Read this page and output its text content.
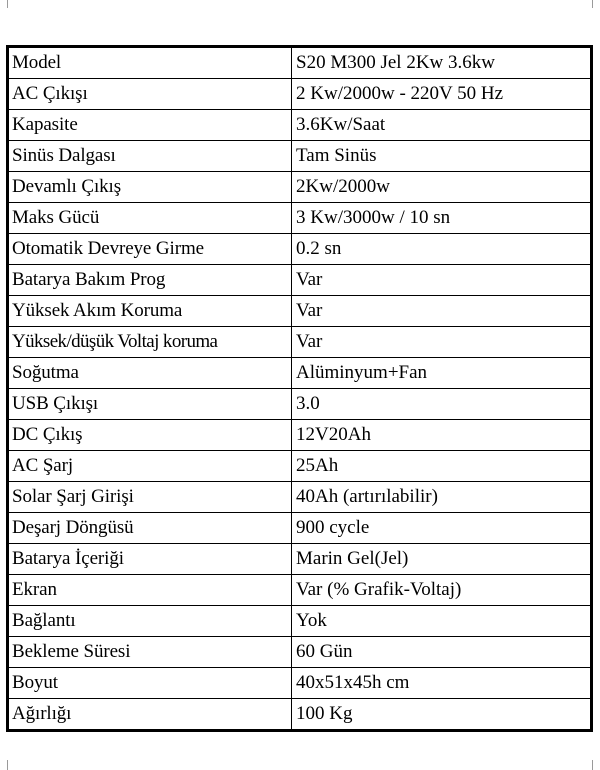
Model	S20 M300 Jel 2Kw 3.6kw
AC Çıkışı	2 Kw/2000w - 220V 50 Hz
Kapasite	3.6Kw/Saat
Sinüs Dalgası	Tam Sinüs
Devamlı Çıkış	2Kw/2000w
Maks Gücü	3 Kw/3000w / 10 sn
Otomatik Devreye Girme	0.2 sn
Batarya Bakım Prog	Var
Yüksek Akım Koruma	Var
Yüksek/düşük Voltaj koruma	Var
Soğutma	Alüminyum+Fan
USB Çıkışı	3.0
DC Çıkış	12V20Ah
AC Şarj	25Ah
Solar Şarj Girişi	40Ah (artırılabilir)
Deşarj Döngüsü	900 cycle
Batarya İçeriği	Marin Gel(Jel)
Ekran	Var (% Grafik-Voltaj)
Bağlantı	Yok
Bekleme Süresi	60 Gün
Boyut	40x51x45h cm
Ağırlığı	100 Kg
